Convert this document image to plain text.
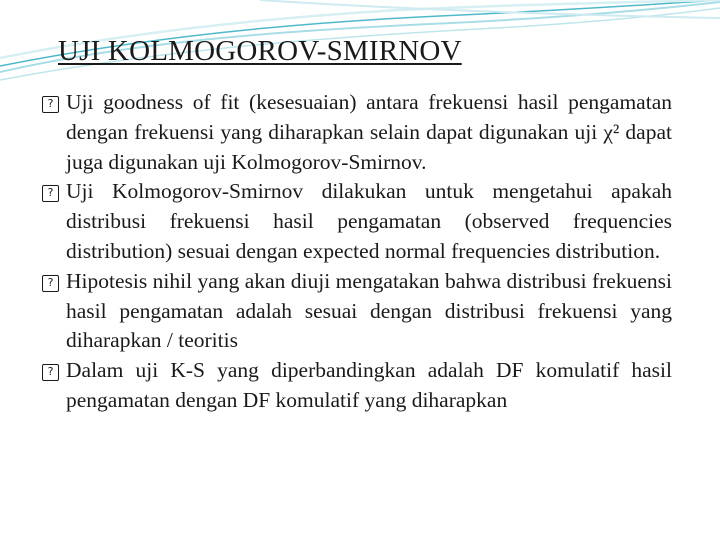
UJI KOLMOGOROV-SMIRNOV
?
Uji goodness of fit (kesesuaian) antara frekuensi hasil pengamatan dengan frekuensi yang diharapkan selain dapat digunakan uji χ² dapat juga digunakan uji Kolmogorov-Smirnov.
?
Uji Kolmogorov-Smirnov dilakukan untuk mengetahui apakah distribusi frekuensi hasil pengamatan (observed frequencies distribution) sesuai dengan expected normal frequencies distribution.
?
Hipotesis nihil yang akan diuji mengatakan bahwa distribusi frekuensi hasil pengamatan adalah sesuai dengan distribusi frekuensi yang diharapkan / teoritis
?
Dalam uji K-S yang diperbandingkan adalah DF komulatif hasil pengamatan dengan DF komulatif yang diharapkan
